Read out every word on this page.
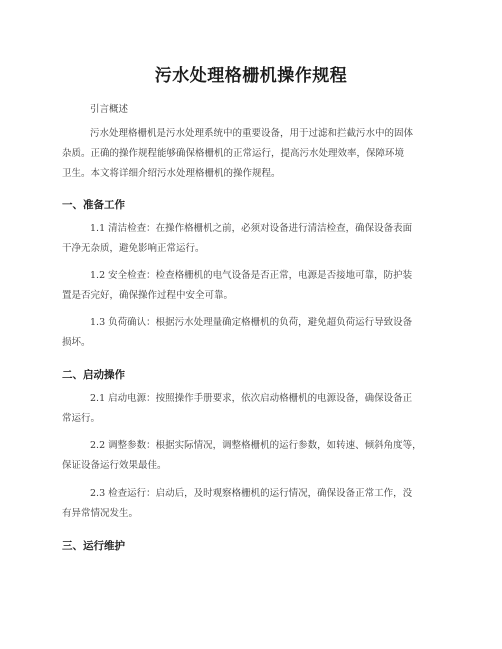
污水处理格栅机操作规程
引言概述
污水处理格栅机是污水处理系统中的重要设备，用于过滤和拦截污水中的固体
杂质。正确的操作规程能够确保格栅机的正常运行，提高污水处理效率，保障环境
卫生。本文将详细介绍污水处理格栅机的操作规程。
一、准备工作
1.1 清洁检查：在操作格栅机之前，必须对设备进行清洁检查，确保设备表面
干净无杂质，避免影响正常运行。
1.2 安全检查：检查格栅机的电气设备是否正常，电源是否接地可靠，防护装
置是否完好，确保操作过程中安全可靠。
1.3 负荷确认：根据污水处理量确定格栅机的负荷，避免超负荷运行导致设备
损坏。
二、启动操作
2.1 启动电源：按照操作手册要求，依次启动格栅机的电源设备，确保设备正
常运行。
2.2 调整参数：根据实际情况，调整格栅机的运行参数，如转速、倾斜角度等，
保证设备运行效果最佳。
2.3 检查运行：启动后，及时观察格栅机的运行情况，确保设备正常工作，没
有异常情况发生。
三、运行维护
